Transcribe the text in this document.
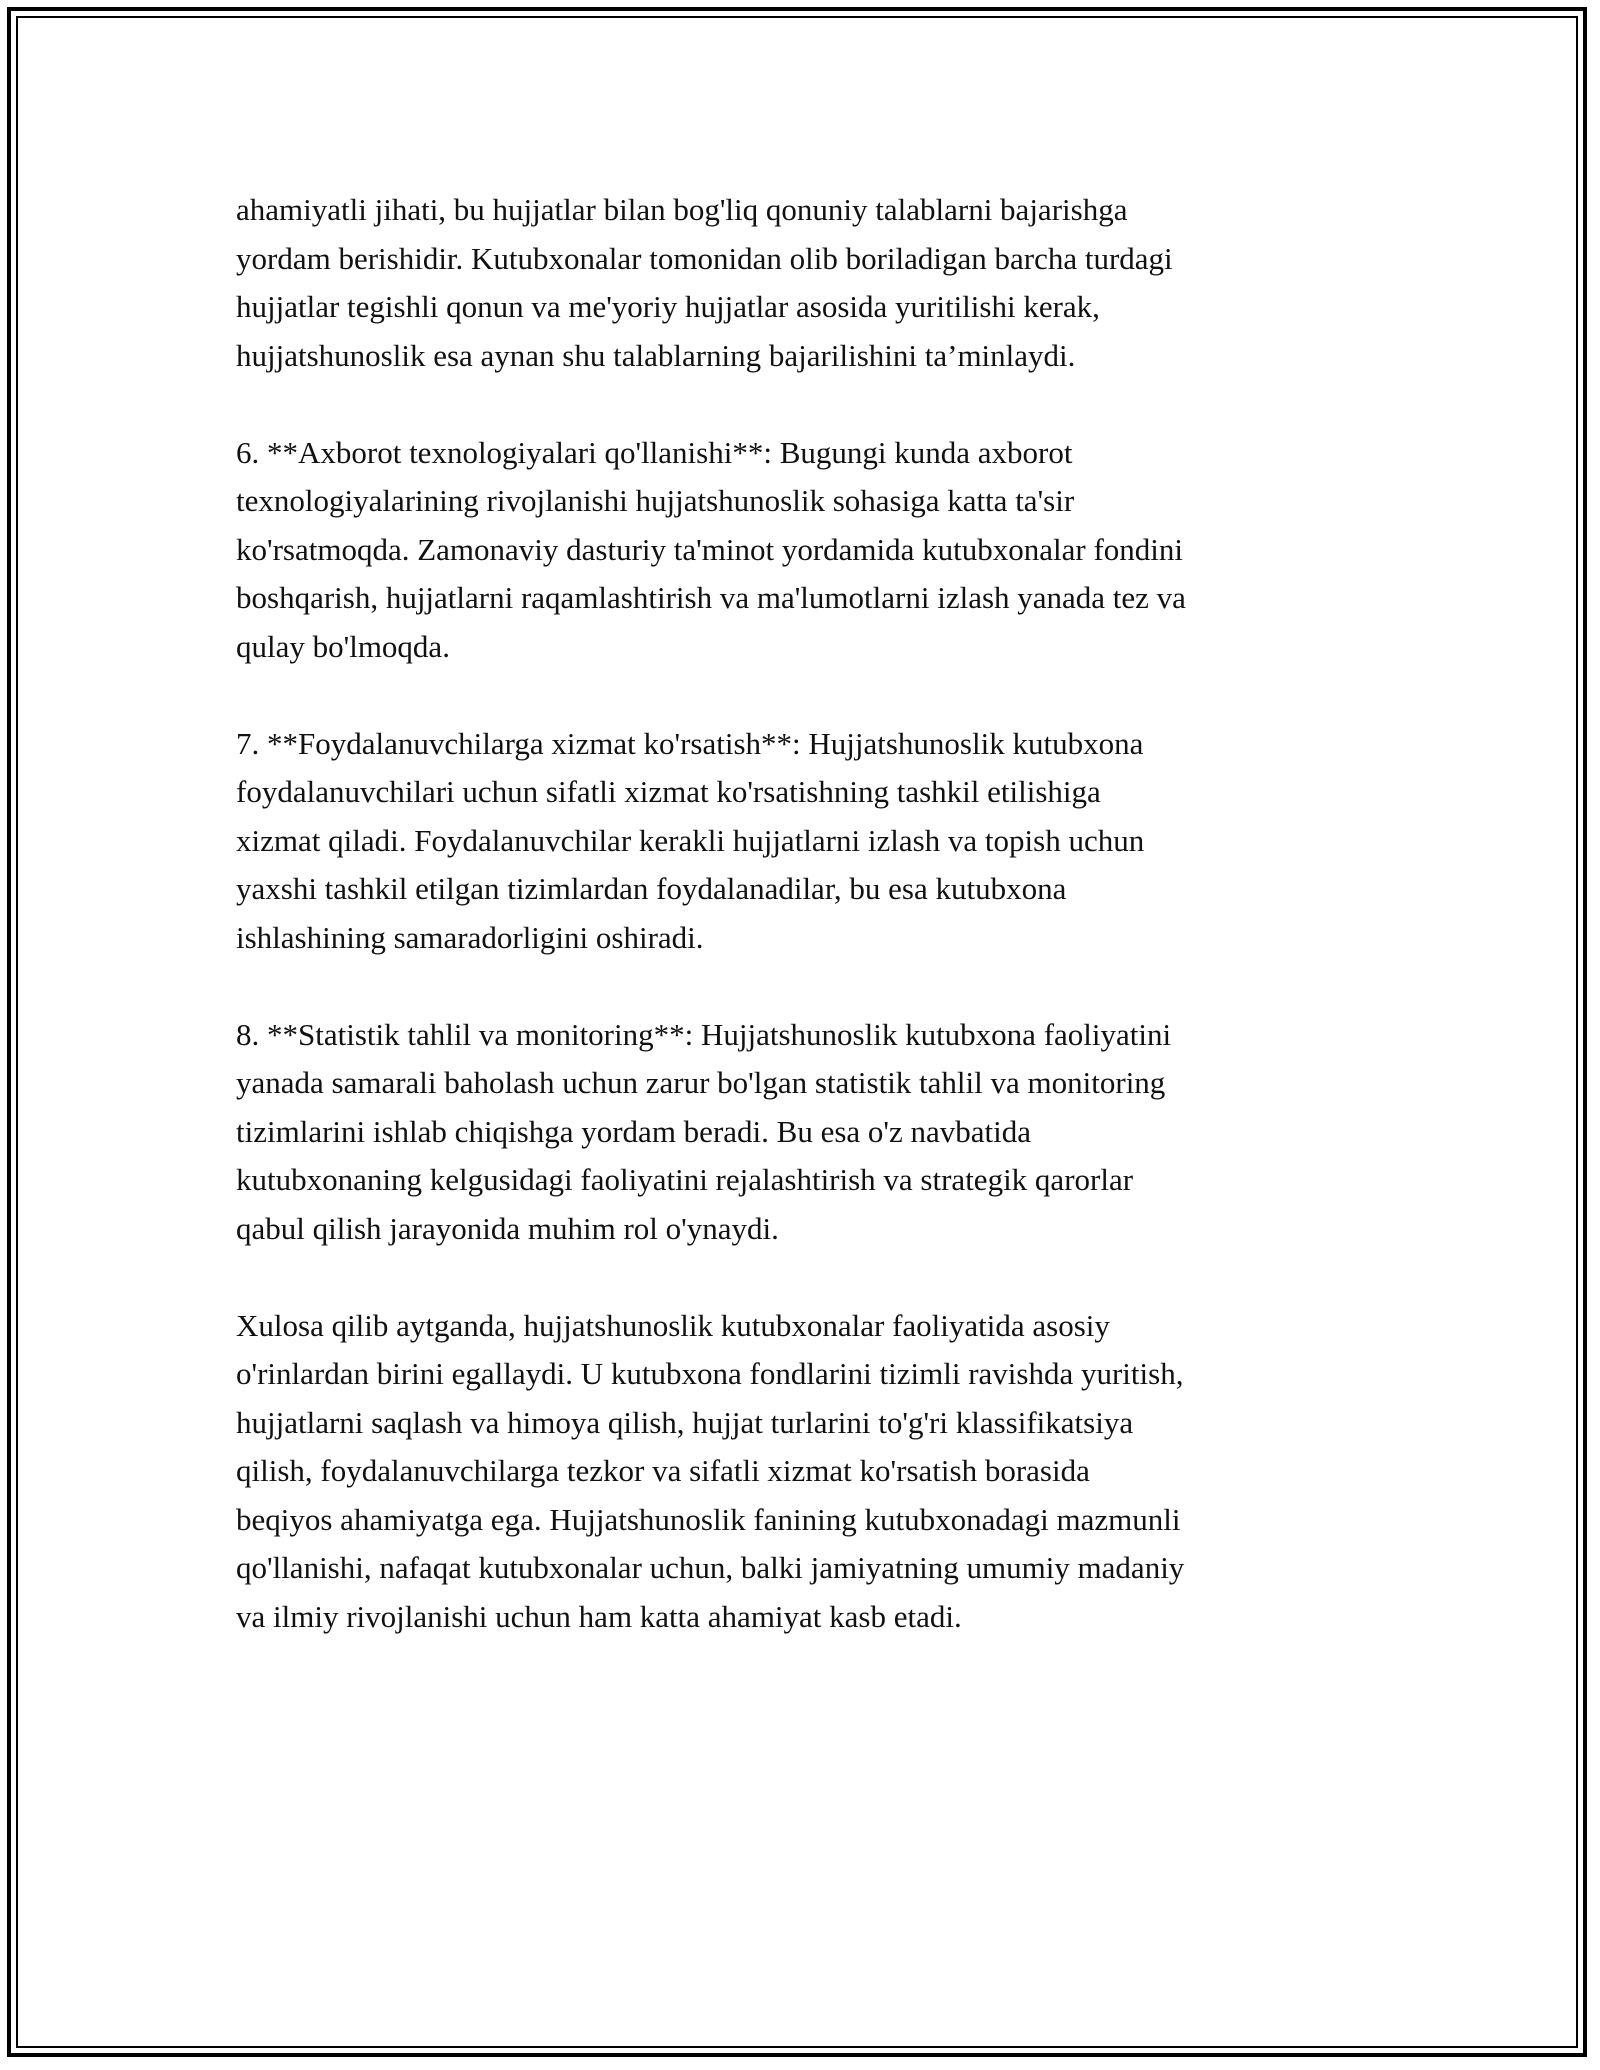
ahamiyatli jihati, bu hujjatlar bilan bog'liq qonuniy talablarni bajarishga
yordam berishidir. Kutubxonalar tomonidan olib boriladigan barcha turdagi
hujjatlar tegishli qonun va me'yoriy hujjatlar asosida yuritilishi kerak,
hujjatshunoslik esa aynan shu talablarning bajarilishini ta’minlaydi.

6. **Axborot texnologiyalari qo'llanishi**: Bugungi kunda axborot
texnologiyalarining rivojlanishi hujjatshunoslik sohasiga katta ta'sir
ko'rsatmoqda. Zamonaviy dasturiy ta'minot yordamida kutubxonalar fondini
boshqarish, hujjatlarni raqamlashtirish va ma'lumotlarni izlash yanada tez va
qulay bo'lmoqda.

7. **Foydalanuvchilarga xizmat ko'rsatish**: Hujjatshunoslik kutubxona
foydalanuvchilari uchun sifatli xizmat ko'rsatishning tashkil etilishiga
xizmat qiladi. Foydalanuvchilar kerakli hujjatlarni izlash va topish uchun
yaxshi tashkil etilgan tizimlardan foydalanadilar, bu esa kutubxona
ishlashining samaradorligini oshiradi.

8. **Statistik tahlil va monitoring**: Hujjatshunoslik kutubxona faoliyatini
yanada samarali baholash uchun zarur bo'lgan statistik tahlil va monitoring
tizimlarini ishlab chiqishga yordam beradi. Bu esa o'z navbatida
kutubxonaning kelgusidagi faoliyatini rejalashtirish va strategik qarorlar
qabul qilish jarayonida muhim rol o'ynaydi.

Xulosa qilib aytganda, hujjatshunoslik kutubxonalar faoliyatida asosiy
o'rinlardan birini egallaydi. U kutubxona fondlarini tizimli ravishda yuritish,
hujjatlarni saqlash va himoya qilish, hujjat turlarini to'g'ri klassifikatsiya
qilish, foydalanuvchilarga tezkor va sifatli xizmat ko'rsatish borasida
beqiyos ahamiyatga ega. Hujjatshunoslik fanining kutubxonadagi mazmunli
qo'llanishi, nafaqat kutubxonalar uchun, balki jamiyatning umumiy madaniy
va ilmiy rivojlanishi uchun ham katta ahamiyat kasb etadi.
